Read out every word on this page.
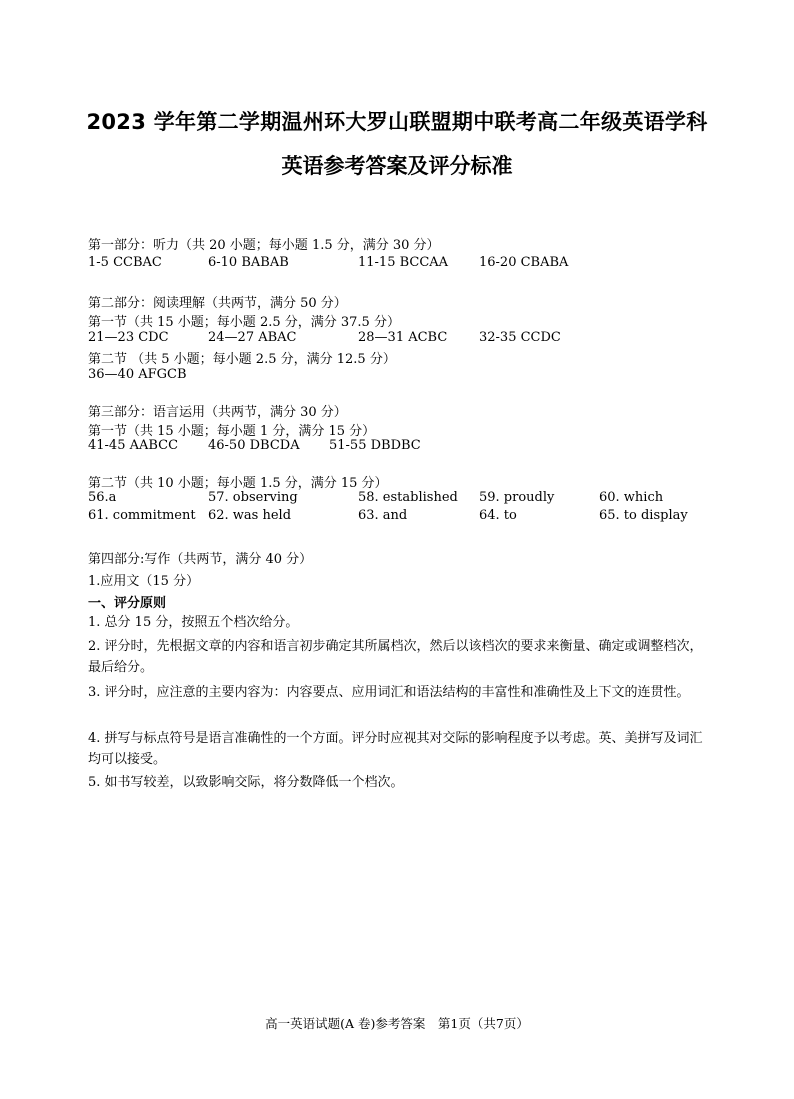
2023 学年第二学期温州环大罗山联盟期中联考高二年级英语学科
英语参考答案及评分标准
第一部分：听力（共 20 小题；每小题 1.5 分，满分 30 分）
1-5 CCBAC	6-10 BABAB	11-15 BCCAA 16-20 CBABA
第二部分：阅读理解（共两节，满分 50 分）
第一节（共 15 小题；每小题 2.5 分，满分 37.5 分）
21—23 CDC	24—27 ABAC	28—31 ACBC 32-35 CCDC
第二节 （共 5 小题；每小题 2.5 分，满分 12.5 分）
36—40 AFGCB
第三部分：语言运用（共两节，满分 30 分）
第一节（共 15 小题；每小题 1 分，满分 15 分）
41-45 AABCC 46-50 DBCDA 51-55 DBDBC
第二节（共 10 小题；每小题 1.5 分，满分 15 分）
56.a	57. observing	58. established 59. proudly	60. which
61. commitment 62. was held	63. and	64. to	65. to display
第四部分:写作（共两节，满分 40 分）
1.应用文（15 分）
一、评分原则
1. 总分 15 分，按照五个档次给分。
2. 评分时，先根据文章的内容和语言初步确定其所属档次，然后以该档次的要求来衡量、确定或调整档次，最后给分。
3. 评分时，应注意的主要内容为：内容要点、应用词汇和语法结构的丰富性和准确性及上下文的连贯性。
4. 拼写与标点符号是语言准确性的一个方面。评分时应视其对交际的影响程度予以考虑。英、美拼写及词汇均可以接受。
5. 如书写较差，以致影响交际，将分数降低一个档次。
高一英语试题(A 卷)参考答案　第1页（共7页）
